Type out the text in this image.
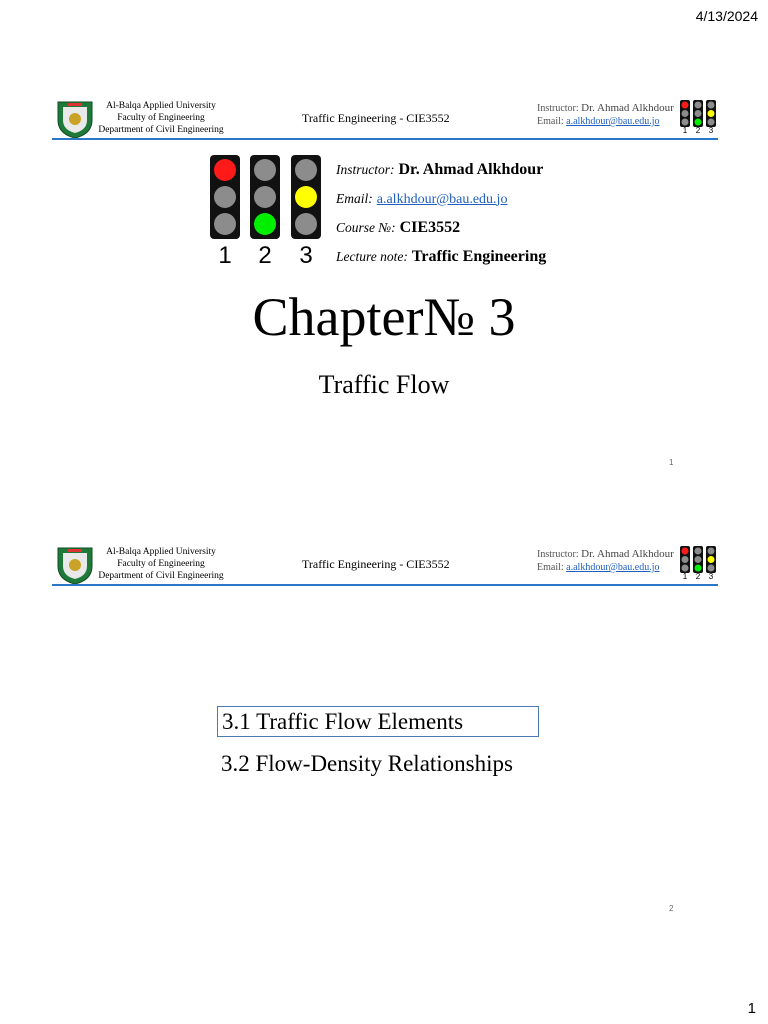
4/13/2024
Al-Balqa Applied University
Faculty of Engineering
Department of Civil Engineering
Traffic Engineering - CIE3552
Instructor: Dr. Ahmad Alkhdour
Email: a.alkhdour@bau.edu.jo
1 2 3
1 2 3
Instructor: Dr. Ahmad Alkhdour
Email: a.alkhdour@bau.edu.jo
Course №: CIE3552
Lecture note: Traffic Engineering
Chapter№ 3
Traffic Flow
1
Al-Balqa Applied University
Faculty of Engineering
Department of Civil Engineering
Traffic Engineering - CIE3552
Instructor: Dr. Ahmad Alkhdour
Email: a.alkhdour@bau.edu.jo
1 2 3
3.1 Traffic Flow Elements
3.2 Flow-Density Relationships
2
1
